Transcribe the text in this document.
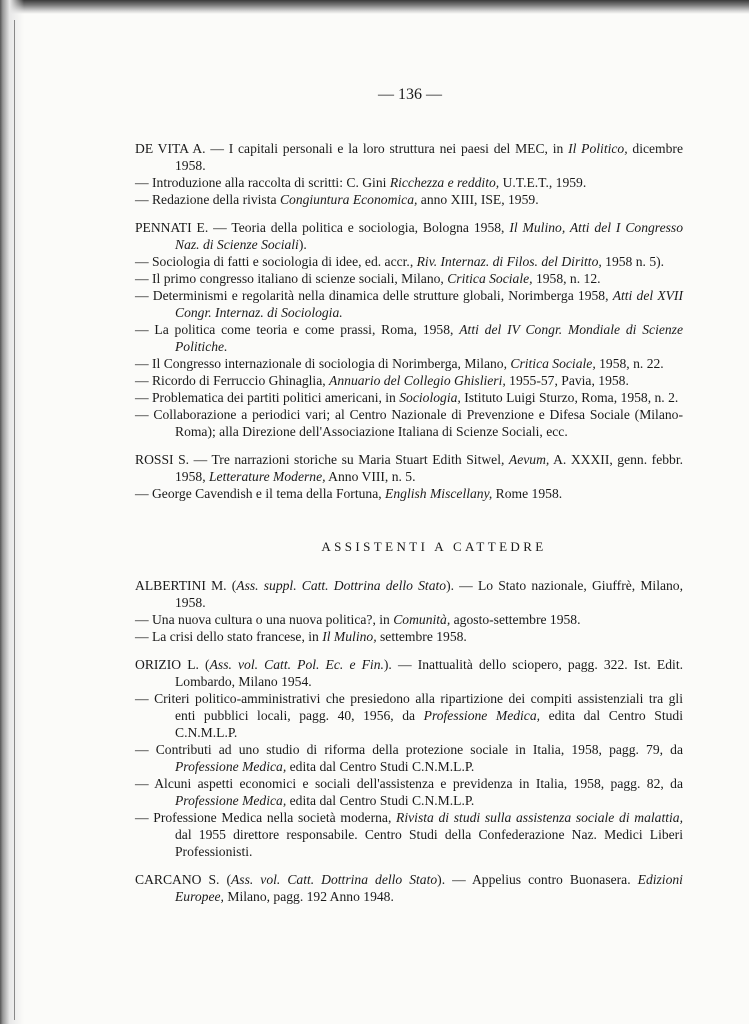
— 136 —
DE VITA A. — I capitali personali e la loro struttura nei paesi del MEC, in Il Politico, dicembre 1958.
— Introduzione alla raccolta di scritti: C. Gini Ricchezza e reddito, U.T.E.T., 1959.
— Redazione della rivista Congiuntura Economica, anno XIII, ISE, 1959.
PENNATI E. — Teoria della politica e sociologia, Bologna 1958, Il Mulino, Atti del I Congresso Naz. di Scienze Sociali).
— Sociologia di fatti e sociologia di idee, ed. accr., Riv. Internaz. di Filos. del Diritto, 1958 n. 5).
— Il primo congresso italiano di scienze sociali, Milano, Critica Sociale, 1958, n. 12.
— Determinismi e regolarità nella dinamica delle strutture globali, Norimberga 1958, Atti del XVII Congr. Internaz. di Sociologia.
— La politica come teoria e come prassi, Roma, 1958, Atti del IV Congr. Mondiale di Scienze Politiche.
— Il Congresso internazionale di sociologia di Norimberga, Milano, Critica Sociale, 1958, n. 22.
— Ricordo di Ferruccio Ghinaglia, Annuario del Collegio Ghislieri, 1955-57, Pavia, 1958.
— Problematica dei partiti politici americani, in Sociologia, Istituto Luigi Sturzo, Roma, 1958, n. 2.
— Collaborazione a periodici vari; al Centro Nazionale di Prevenzione e Difesa Sociale (Milano-Roma); alla Direzione dell'Associazione Italiana di Scienze Sociali, ecc.
ROSSI S. — Tre narrazioni storiche su Maria Stuart Edith Sitwel, Aevum, A. XXXII, genn. febbr. 1958, Letterature Moderne, Anno VIII, n. 5.
— George Cavendish e il tema della Fortuna, English Miscellany, Rome 1958.
ASSISTENTI A CATTEDRE
ALBERTINI M. (Ass. suppl. Catt. Dottrina dello Stato). — Lo Stato nazionale, Giuffrè, Milano, 1958.
— Una nuova cultura o una nuova politica?, in Comunità, agosto-settembre 1958.
— La crisi dello stato francese, in Il Mulino, settembre 1958.
ORIZIO L. (Ass. vol. Catt. Pol. Ec. e Fin.). — Inattualità dello sciopero, pagg. 322. Ist. Edit. Lombardo, Milano 1954.
— Criteri politico-amministrativi che presiedono alla ripartizione dei compiti assistenziali tra gli enti pubblici locali, pagg. 40, 1956, da Professione Medica, edita dal Centro Studi C.N.M.L.P.
— Contributi ad uno studio di riforma della protezione sociale in Italia, 1958, pagg. 79, da Professione Medica, edita dal Centro Studi C.N.M.L.P.
— Alcuni aspetti economici e sociali dell'assistenza e previdenza in Italia, 1958, pagg. 82, da Professione Medica, edita dal Centro Studi C.N.M.L.P.
— Professione Medica nella società moderna, Rivista di studi sulla assistenza sociale di malattia, dal 1955 direttore responsabile. Centro Studi della Confederazione Naz. Medici Liberi Professionisti.
CARCANO S. (Ass. vol. Catt. Dottrina dello Stato). — Appelius contro Buonasera. Edizioni Europee, Milano, pagg. 192 Anno 1948.
